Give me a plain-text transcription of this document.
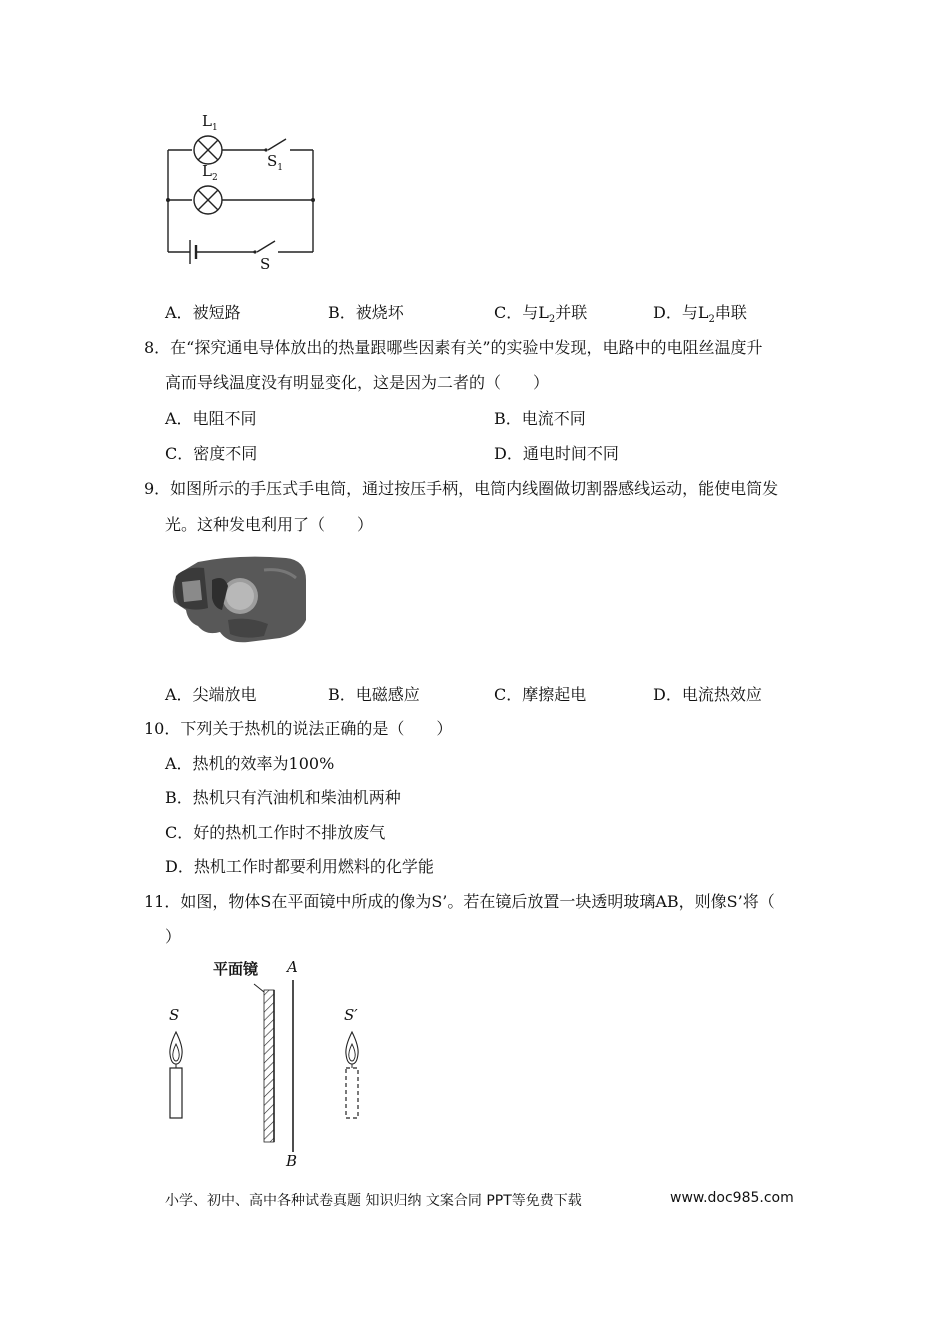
$L_1$
$S_1$
$L_2$
S
A．被短路	B．被烧坏	C．与$L_2$并联	D．与$L_2$串联
8．在“探究通电导体放出的热量跟哪些因素有关”的实验中发现，电路中的电阻丝温度升
高而导线温度没有明显变化，这是因为二者的（　　）
A．电阻不同	B．电流不同
C．密度不同	D．通电时间不同
9．如图所示的手压式手电筒，通过按压手柄，电筒内线圈做切割器感线运动，能使电筒发
光。这种发电利用了（　　）
A．尖端放电	B．电磁感应	C．摩擦起电	D．电流热效应
10．下列关于热机的说法正确的是（　　）
A．热机的效率为100%
B．热机只有汽油机和柴油机两种
C．好的热机工作时不排放废气
D．热机工作时都要利用燃料的化学能
11．如图，物体S在平面镜中所成的像为S’。若在镜后放置一块透明玻璃AB，则像S’将（
）
平面镜 A
B
S	S′
小学、初中、高中各种试卷真题 知识归纳 文案合同 PPT等免费下载	www.doc985.com
